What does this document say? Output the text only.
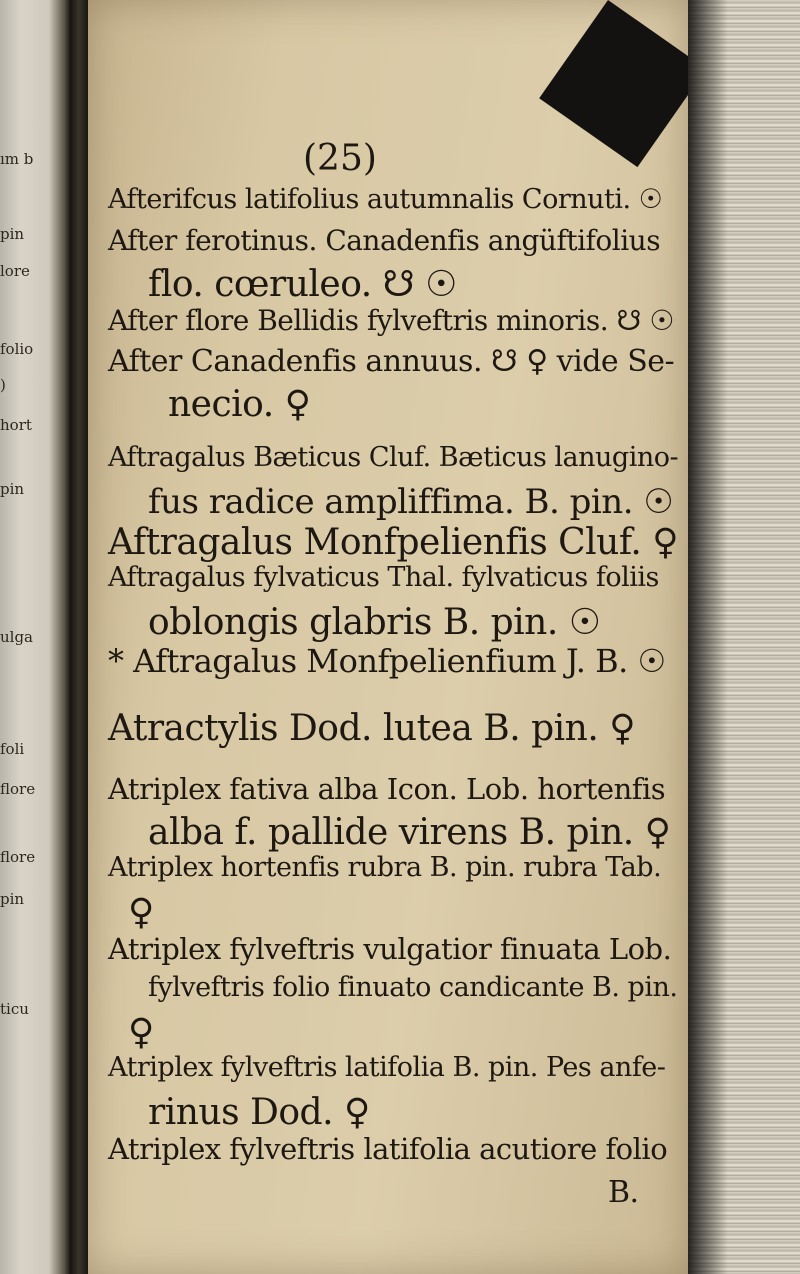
ım b
pin
lore
folio
)
hort
pin
ulga
foli
flore
flore
pin
ticu
(25)
Afterifcus latifolius autumnalis Cornuti. ☉
After ferotinus. Canadenfis angüftifolius
flo. cœruleo. ☋ ☉
After flore Bellidis fylveftris minoris. ☋ ☉
After Canadenfis annuus. ☋ ♀ vide Se-
necio. ♀
Aftragalus Bæticus Cluf. Bæticus lanugino-
fus radice ampliffima. B. pin. ☉
Aftragalus Monfpelienfis Cluf. ♀
Aftragalus fylvaticus Thal. fylvaticus foliis
oblongis glabris B. pin. ☉
* Aftragalus Monfpelienfium J. B. ☉
Atractylis Dod. lutea B. pin. ♀
Atriplex fativa alba Icon. Lob. hortenfis
alba f. pallide virens B. pin. ♀
Atriplex hortenfis rubra B. pin. rubra Tab.
♀
Atriplex fylveftris vulgatior finuata Lob.
fylveftris folio finuato candicante B. pin.
♀
Atriplex fylveftris latifolia B. pin. Pes anfe-
rinus Dod. ♀
Atriplex fylveftris latifolia acutiore folio
B.
